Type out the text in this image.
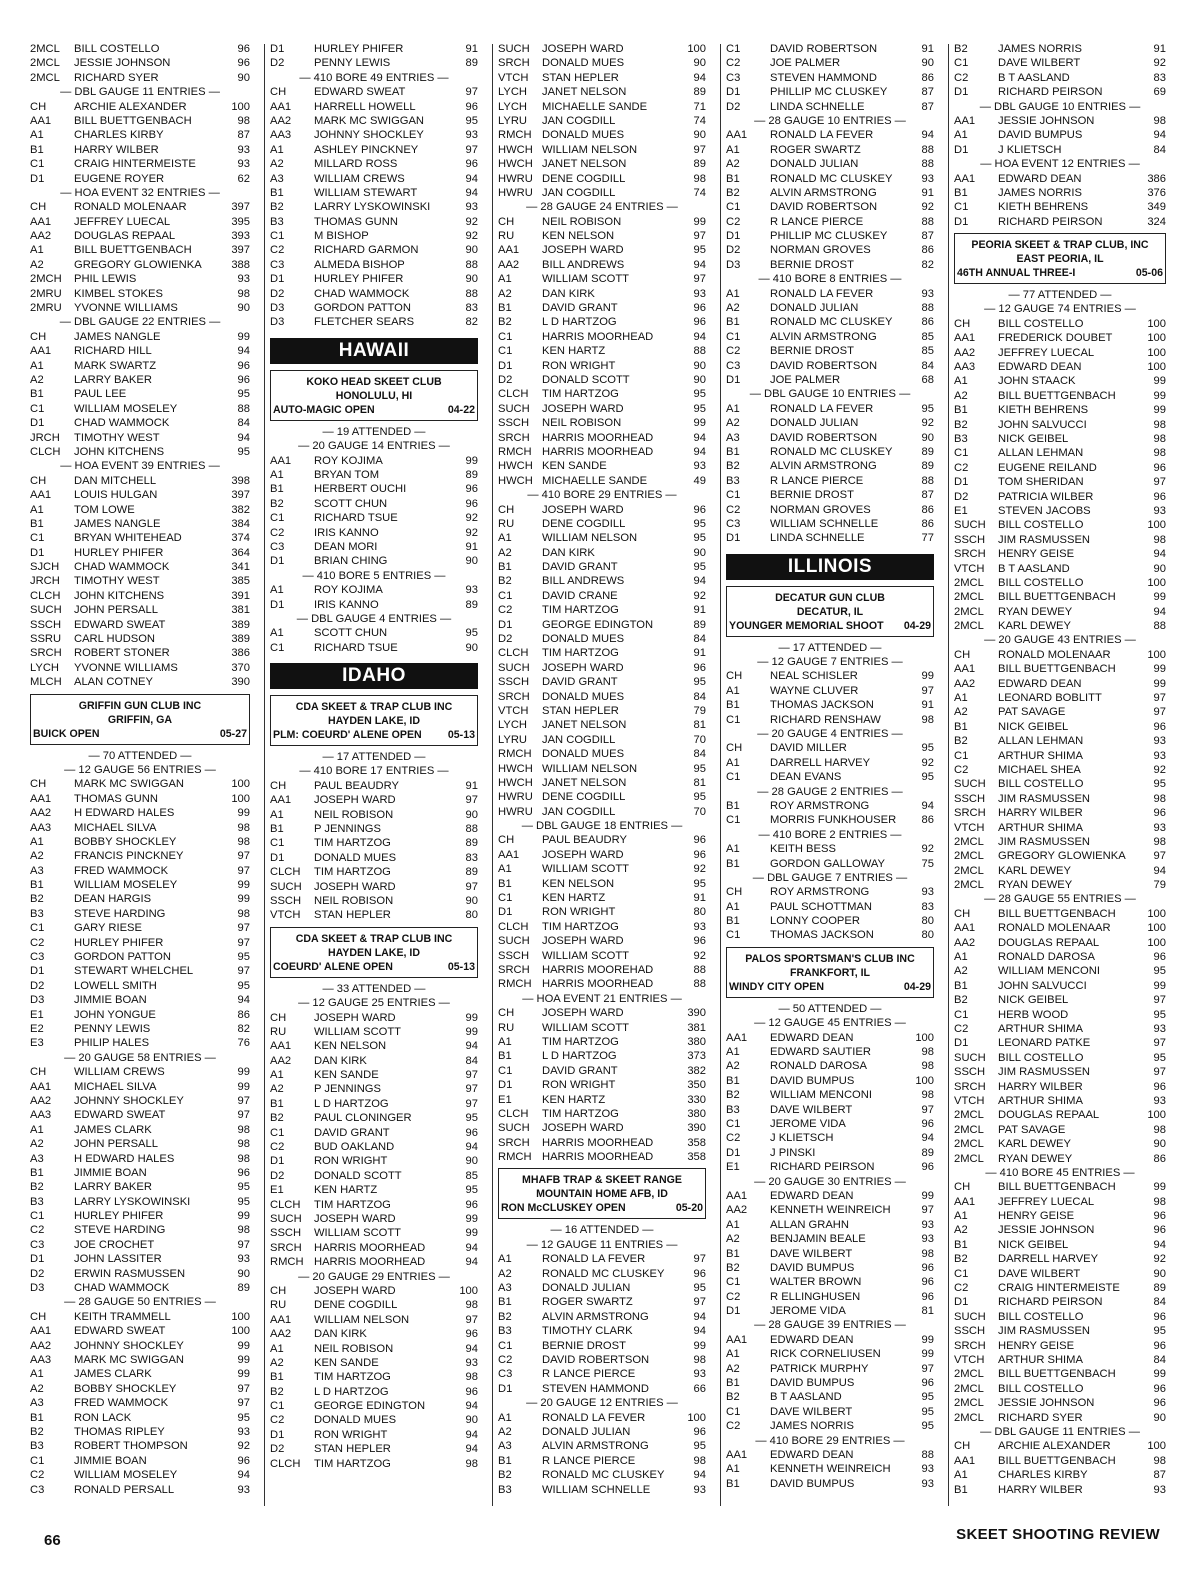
2MCL	BILL COSTELLO	96
2MCL	JESSIE JOHNSON	96
2MCL	RICHARD SYER	90
— DBL GAUGE 11 ENTRIES —
CH	ARCHIE ALEXANDER	100
AA1	BILL BUETTGENBACH	98
A1	CHARLES KIRBY	87
B1	HARRY WILBER	93
C1	CRAIG HINTERMEISTE	93
D1	EUGENE ROYER	62
— HOA EVENT 32 ENTRIES —
CH	RONALD MOLENAAR	397
AA1	JEFFREY LUECAL	395
AA2	DOUGLAS REPAAL	393
A1	BILL BUETTGENBACH	397
A2	GREGORY GLOWIENKA	388
2MCH	PHIL LEWIS	93
2MRU	KIMBEL STOKES	98
2MRU	YVONNE WILLIAMS	90
— DBL GAUGE 22 ENTRIES —
CH	JAMES NANGLE	99
AA1	RICHARD HILL	94
A1	MARK SWARTZ	96
A2	LARRY BAKER	96
B1	PAUL LEE	95
C1	WILLIAM MOSELEY	88
D1	CHAD WAMMOCK	84
JRCH	TIMOTHY WEST	94
CLCH	JOHN KITCHENS	95
— HOA EVENT 39 ENTRIES —
CH	DAN MITCHELL	398
AA1	LOUIS HULGAN	397
A1	TOM LOWE	382
B1	JAMES NANGLE	384
C1	BRYAN WHITEHEAD	374
D1	HURLEY PHIFER	364
SJCH	CHAD WAMMOCK	341
JRCH	TIMOTHY WEST	385
CLCH	JOHN KITCHENS	391
SUCH	JOHN PERSALL	381
SSCH	EDWARD SWEAT	389
SSRU	CARL HUDSON	389
SRCH	ROBERT STONER	386
LYCH	YVONNE WILLIAMS	370
MLCH	ALAN COTNEY	390
GRIFFIN GUN CLUB INC
GRIFFIN, GA
BUICK OPEN	05-27
— 70 ATTENDED —
— 12 GAUGE 56 ENTRIES —
CH	MARK MC SWIGGAN	100
AA1	THOMAS GUNN	100
AA2	H EDWARD HALES	99
AA3	MICHAEL SILVA	98
A1	BOBBY SHOCKLEY	98
A2	FRANCIS PINCKNEY	97
A3	FRED WAMMOCK	97
B1	WILLIAM MOSELEY	99
B2	DEAN HARGIS	99
B3	STEVE HARDING	98
C1	GARY RIESE	97
C2	HURLEY PHIFER	97
C3	GORDON PATTON	95
D1	STEWART WHELCHEL	97
D2	LOWELL SMITH	95
D3	JIMMIE BOAN	94
E1	JOHN YONGUE	86
E2	PENNY LEWIS	82
E3	PHILIP HALES	76
— 20 GAUGE 58 ENTRIES —
CH	WILLIAM CREWS	99
AA1	MICHAEL SILVA	99
AA2	JOHNNY SHOCKLEY	97
AA3	EDWARD SWEAT	97
A1	JAMES CLARK	98
A2	JOHN PERSALL	98
A3	H EDWARD HALES	98
B1	JIMMIE BOAN	96
B2	LARRY BAKER	95
B3	LARRY LYSKOWINSKI	95
C1	HURLEY PHIFER	99
C2	STEVE HARDING	98
C3	JOE CROCHET	97
D1	JOHN LASSITER	93
D2	ERWIN RASMUSSEN	90
D3	CHAD WAMMOCK	89
— 28 GAUGE 50 ENTRIES —
CH	KEITH TRAMMELL	100
AA1	EDWARD SWEAT	100
AA2	JOHNNY SHOCKLEY	99
AA3	MARK MC SWIGGAN	99
A1	JAMES CLARK	99
A2	BOBBY SHOCKLEY	97
A3	FRED WAMMOCK	97
B1	RON LACK	95
B2	THOMAS RIPLEY	93
B3	ROBERT THOMPSON	92
C1	JIMMIE BOAN	96
C2	WILLIAM MOSELEY	94
C3	RONALD PERSALL	93
D1	HURLEY PHIFER	91
D2	PENNY LEWIS	89
— 410 BORE 49 ENTRIES —
CH	EDWARD SWEAT	97
AA1	HARRELL HOWELL	96
AA2	MARK MC SWIGGAN	95
AA3	JOHNNY SHOCKLEY	93
A1	ASHLEY PINCKNEY	97
A2	MILLARD ROSS	96
A3	WILLIAM CREWS	94
B1	WILLIAM STEWART	94
B2	LARRY LYSKOWINSKI	93
B3	THOMAS GUNN	92
C1	M BISHOP	92
C2	RICHARD GARMON	90
C3	ALMEDA BISHOP	88
D1	HURLEY PHIFER	90
D2	CHAD WAMMOCK	88
D3	GORDON PATTON	83
D3	FLETCHER SEARS	82
HAWAII
KOKO HEAD SKEET CLUB
HONOLULU, HI
AUTO-MAGIC OPEN	04-22
— 19 ATTENDED —
— 20 GAUGE 14 ENTRIES —
AA1	ROY KOJIMA	99
A1	BRYAN TOM	89
B1	HERBERT OUCHI	96
B2	SCOTT CHUN	96
C1	RICHARD TSUE	92
C2	IRIS KANNO	92
C3	DEAN MORI	91
D1	BRIAN CHING	90
— 410 BORE 5 ENTRIES —
A1	ROY KOJIMA	93
D1	IRIS KANNO	89
— DBL GAUGE 4 ENTRIES —
A1	SCOTT CHUN	95
C1	RICHARD TSUE	90
IDAHO
CDA SKEET & TRAP CLUB INC
HAYDEN LAKE, ID
PLM: COEURD' ALENE OPEN 05-13
— 17 ATTENDED —
— 410 BORE 17 ENTRIES —
CH	PAUL BEAUDRY	91
AA1	JOSEPH WARD	97
A1	NEIL ROBISON	90
B1	P JENNINGS	88
C1	TIM HARTZOG	89
D1	DONALD MUES	83
CLCH	TIM HARTZOG	89
SUCH	JOSEPH WARD	97
SSCH	NEIL ROBISON	90
VTCH	STAN HEPLER	80
CDA SKEET & TRAP CLUB INC
HAYDEN LAKE, ID
COEURD' ALENE OPEN	05-13
— 33 ATTENDED —
— 12 GAUGE 25 ENTRIES —
CH	JOSEPH WARD	99
RU	WILLIAM SCOTT	99
AA1	KEN NELSON	94
AA2	DAN KIRK	84
A1	KEN SANDE	97
A2	P JENNINGS	97
B1	L D HARTZOG	97
B2	PAUL CLONINGER	95
C1	DAVID GRANT	96
C2	BUD OAKLAND	94
D1	RON WRIGHT	90
D2	DONALD SCOTT	85
E1	KEN HARTZ	95
CLCH	TIM HARTZOG	96
SUCH	JOSEPH WARD	99
SSCH	WILLIAM SCOTT	99
SRCH	HARRIS MOORHEAD	94
RMCH HARRIS MOORHEAD	94
— 20 GAUGE 29 ENTRIES —
CH	JOSEPH WARD	100
RU	DENE COGDILL	98
AA1	WILLIAM NELSON	97
AA2	DAN KIRK	96
A1	NEIL ROBISON	94
A2	KEN SANDE	93
B1	TIM HARTZOG	98
B2	L D HARTZOG	96
C1	GEORGE EDINGTON	94
C2	DONALD MUES	90
D1	RON WRIGHT	94
D2	STAN HEPLER	94
CLCH	TIM HARTZOG	98
SUCH	JOSEPH WARD	100
SRCH	DONALD MUES	90
VTCH	STAN HEPLER	94
LYCH	JANET NELSON	89
LYCH	MICHAELLE SANDE	71
LYRU	JAN COGDILL	74
RMCH DONALD MUES	90
HWCH WILLIAM NELSON	97
HWCH JANET NELSON	89
HWRU DENE COGDILL	98
HWRU JAN COGDILL	74
— 28 GAUGE 24 ENTRIES —
CH	NEIL ROBISON	99
RU	KEN NELSON	97
AA1	JOSEPH WARD	95
AA2	BILL ANDREWS	94
A1	WILLIAM SCOTT	97
A2	DAN KIRK	93
B1	DAVID GRANT	96
B2	L D HARTZOG	96
C1	HARRIS MOORHEAD	94
C1	KEN HARTZ	88
D1	RON WRIGHT	90
D2	DONALD SCOTT	90
CLCH	TIM HARTZOG	95
SUCH	JOSEPH WARD	95
SSCH	NEIL ROBISON	99
SRCH	HARRIS MOORHEAD	94
RMCH HARRIS MOORHEAD	94
HWCH KEN SANDE	93
HWCH MICHAELLE SANDE	49
— 410 BORE 29 ENTRIES —
CH	JOSEPH WARD	96
RU	DENE COGDILL	95
A1	WILLIAM NELSON	95
A2	DAN KIRK	90
B1	DAVID GRANT	95
B2	BILL ANDREWS	94
C1	DAVID CRANE	92
C2	TIM HARTZOG	91
D1	GEORGE EDINGTON	89
D2	DONALD MUES	84
CLCH	TIM HARTZOG	91
SUCH	JOSEPH WARD	96
SSCH	DAVID GRANT	95
SRCH	DONALD MUES	84
VTCH	STAN HEPLER	79
LYCH	JANET NELSON	81
LYRU	JAN COGDILL	70
RMCH DONALD MUES	84
HWCH WILLIAM NELSON	95
HWCH JANET NELSON	81
HWRU DENE COGDILL	95
HWRU JAN COGDILL	70
— DBL GAUGE 18 ENTRIES —
CH	PAUL BEAUDRY	96
AA1	JOSEPH WARD	96
A1	WILLIAM SCOTT	92
B1	KEN NELSON	95
C1	KEN HARTZ	91
D1	RON WRIGHT	80
CLCH	TIM HARTZOG	93
SUCH	JOSEPH WARD	96
SSCH	WILLIAM SCOTT	92
SRCH	HARRIS MOOREHAD	88
RMCH HARRIS MOORHEAD	88
— HOA EVENT 21 ENTRIES —
CH	JOSEPH WARD	390
RU	WILLIAM SCOTT	381
A1	TIM HARTZOG	380
B1	L D HARTZOG	373
C1	DAVID GRANT	382
D1	RON WRIGHT	350
E1	KEN HARTZ	330
CLCH	TIM HARTZOG	380
SUCH	JOSEPH WARD	390
SRCH	HARRIS MOORHEAD	358
RMCH HARRIS MOORHEAD	358
MHAFB TRAP & SKEET RANGE
MOUNTAIN HOME AFB, ID
RON McCLUSKEY OPEN	05-20
— 16 ATTENDED —
— 12 GAUGE 11 ENTRIES —
A1	RONALD LA FEVER	97
A2	RONALD MC CLUSKEY	96
A3	DONALD JULIAN	95
B1	ROGER SWARTZ	97
B2	ALVIN ARMSTRONG	94
B3	TIMOTHY CLARK	94
C1	BERNIE DROST	99
C2	DAVID ROBERTSON	98
C3	R LANCE PIERCE	93
D1	STEVEN HAMMOND	66
— 20 GAUGE 12 ENTRIES —
A1	RONALD LA FEVER	100
A2	DONALD JULIAN	96
A3	ALVIN ARMSTRONG	95
B1	R LANCE PIERCE	98
B2	RONALD MC CLUSKEY	94
B3	WILLIAM SCHNELLE	93
C1	DAVID ROBERTSON	91
C2	JOE PALMER	90
C3	STEVEN HAMMOND	86
D1	PHILLIP MC CLUSKEY	87
D2	LINDA SCHNELLE	87
— 28 GAUGE 10 ENTRIES —
AA1	RONALD LA FEVER	94
A1	ROGER SWARTZ	88
A2	DONALD JULIAN	88
B1	RONALD MC CLUSKEY	93
B2	ALVIN ARMSTRONG	91
C1	DAVID ROBERTSON	92
C2	R LANCE PIERCE	88
D1	PHILLIP MC CLUSKEY	87
D2	NORMAN GROVES	86
D3	BERNIE DROST	82
— 410 BORE 8 ENTRIES —
A1	RONALD LA FEVER	93
A2	DONALD JULIAN	88
B1	RONALD MC CLUSKEY	86
C1	ALVIN ARMSTRONG	85
C2	BERNIE DROST	85
C3	DAVID ROBERTSON	84
D1	JOE PALMER	68
— DBL GAUGE 10 ENTRIES —
A1	RONALD LA FEVER	95
A2	DONALD JULIAN	92
A3	DAVID ROBERTSON	90
B1	RONALD MC CLUSKEY	89
B2	ALVIN ARMSTRONG	89
B3	R LANCE PIERCE	88
C1	BERNIE DROST	87
C2	NORMAN GROVES	86
C3	WILLIAM SCHNELLE	86
D1	LINDA SCHNELLE	77
ILLINOIS
DECATUR GUN CLUB
DECATUR, IL
YOUNGER MEMORIAL SHOOT 04-29
— 17 ATTENDED —
— 12 GAUGE 7 ENTRIES —
CH	NEAL SCHISLER	99
A1	WAYNE CLUVER	97
B1	THOMAS JACKSON	91
C1	RICHARD RENSHAW	98
— 20 GAUGE 4 ENTRIES —
CH	DAVID MILLER	95
A1	DARRELL HARVEY	92
C1	DEAN EVANS	95
— 28 GAUGE 2 ENTRIES —
B1	ROY ARMSTRONG	94
C1	MORRIS FUNKHOUSER	86
— 410 BORE 2 ENTRIES —
A1	KEITH BESS	92
B1	GORDON GALLOWAY	75
— DBL GAUGE 7 ENTRIES —
CH	ROY ARMSTRONG	93
A1	PAUL SCHOTTMAN	83
B1	LONNY COOPER	80
C1	THOMAS JACKSON	80
PALOS SPORTSMAN'S CLUB INC
FRANKFORT, IL
WINDY CITY OPEN	04-29
— 50 ATTENDED —
— 12 GAUGE 45 ENTRIES —
AA1	EDWARD DEAN	100
A1	EDWARD SAUTIER	98
A2	RONALD DAROSA	98
B1	DAVID BUMPUS	100
B2	WILLIAM MENCONI	98
B3	DAVE WILBERT	97
C1	JEROME VIDA	96
C2	J KLIETSCH	94
D1	J PINSKI	89
E1	RICHARD PEIRSON	96
— 20 GAUGE 30 ENTRIES —
AA1	EDWARD DEAN	99
AA2	KENNETH WEINREICH	97
A1	ALLAN GRAHN	93
A2	BENJAMIN BEALE	93
B1	DAVE WILBERT	98
B2	DAVID BUMPUS	96
C1	WALTER BROWN	96
C2	R ELLINGHUSEN	96
D1	JEROME VIDA	81
— 28 GAUGE 39 ENTRIES —
AA1	EDWARD DEAN	99
A1	RICK CORNELIUSEN	99
A2	PATRICK MURPHY	97
B1	DAVID BUMPUS	96
B2	B T AASLAND	95
C1	DAVE WILBERT	95
C2	JAMES NORRIS	95
— 410 BORE 29 ENTRIES —
AA1	EDWARD DEAN	88
A1	KENNETH WEINREICH	93
B1	DAVID BUMPUS	93
B2	JAMES NORRIS	91
C1	DAVE WILBERT	92
C2	B T AASLAND	83
D1	RICHARD PEIRSON	69
— DBL GAUGE 10 ENTRIES —
AA1	JESSIE JOHNSON	98
A1	DAVID BUMPUS	94
D1	J KLIETSCH	84
— HOA EVENT 12 ENTRIES —
AA1	EDWARD DEAN	386
B1	JAMES NORRIS	376
C1	KIETH BEHRENS	349
D1	RICHARD PEIRSON	324
PEORIA SKEET & TRAP CLUB, INC
EAST PEORIA, IL
46TH ANNUAL THREE-I	05-06
— 77 ATTENDED —
— 12 GAUGE 74 ENTRIES —
CH	BILL COSTELLO	100
AA1	FREDERICK DOUBET	100
AA2	JEFFREY LUECAL	100
AA3	EDWARD DEAN	100
A1	JOHN STAACK	99
A2	BILL BUETTGENBACH	99
B1	KIETH BEHRENS	99
B2	JOHN SALVUCCI	98
B3	NICK GEIBEL	98
C1	ALLAN LEHMAN	98
C2	EUGENE REILAND	96
D1	TOM SHERIDAN	97
D2	PATRICIA WILBER	96
E1	STEVEN JACOBS	93
SUCH	BILL COSTELLO	100
SSCH	JIM RASMUSSEN	98
SRCH	HENRY GEISE	94
VTCH	B T AASLAND	90
2MCL	BILL COSTELLO	100
2MCL	BILL BUETTGENBACH	99
2MCL	RYAN DEWEY	94
2MCL	KARL DEWEY	88
— 20 GAUGE 43 ENTRIES —
CH	RONALD MOLENAAR	100
AA1	BILL BUETTGENBACH	99
AA2	EDWARD DEAN	99
A1	LEONARD BOBLITT	97
A2	PAT SAVAGE	97
B1	NICK GEIBEL	96
B2	ALLAN LEHMAN	93
C1	ARTHUR SHIMA	93
C2	MICHAEL SHEA	92
SUCH	BILL COSTELLO	95
SSCH	JIM RASMUSSEN	98
SRCH	HARRY WILBER	96
VTCH	ARTHUR SHIMA	93
2MCL	JIM RASMUSSEN	98
2MCL	GREGORY GLOWIENKA	97
2MCL	KARL DEWEY	94
2MCL	RYAN DEWEY	79
— 28 GAUGE 55 ENTRIES —
CH	BILL BUETTGENBACH	100
AA1	RONALD MOLENAAR	100
AA2	DOUGLAS REPAAL	100
A1	RONALD DAROSA	96
A2	WILLIAM MENCONI	95
B1	JOHN SALVUCCI	99
B2	NICK GEIBEL	97
C1	HERB WOOD	95
C2	ARTHUR SHIMA	93
D1	LEONARD PATKE	97
SUCH	BILL COSTELLO	95
SSCH	JIM RASMUSSEN	97
SRCH	HARRY WILBER	96
VTCH	ARTHUR SHIMA	93
2MCL	DOUGLAS REPAAL	100
2MCL	PAT SAVAGE	98
2MCL	KARL DEWEY	90
2MCL	RYAN DEWEY	86
— 410 BORE 45 ENTRIES —
CH	BILL BUETTGENBACH	99
AA1	JEFFREY LUECAL	98
A1	HENRY GEISE	96
A2	JESSIE JOHNSON	96
B1	NICK GEIBEL	94
B2	DARRELL HARVEY	92
C1	DAVE WILBERT	90
C2	CRAIG HINTERMEISTE	89
D1	RICHARD PEIRSON	84
SUCH	BILL COSTELLO	96
SSCH	JIM RASMUSSEN	95
SRCH	HENRY GEISE	96
VTCH	ARTHUR SHIMA	84
2MCL	BILL BUETTGENBACH	99
2MCL	BILL COSTELLO	96
2MCL	JESSIE JOHNSON	96
2MCL	RICHARD SYER	90
— DBL GAUGE 11 ENTRIES —
CH	ARCHIE ALEXANDER	100
AA1	BILL BUETTGENBACH	98
A1	CHARLES KIRBY	87
B1	HARRY WILBER	93
66	SKEET SHOOTING REVIEW
